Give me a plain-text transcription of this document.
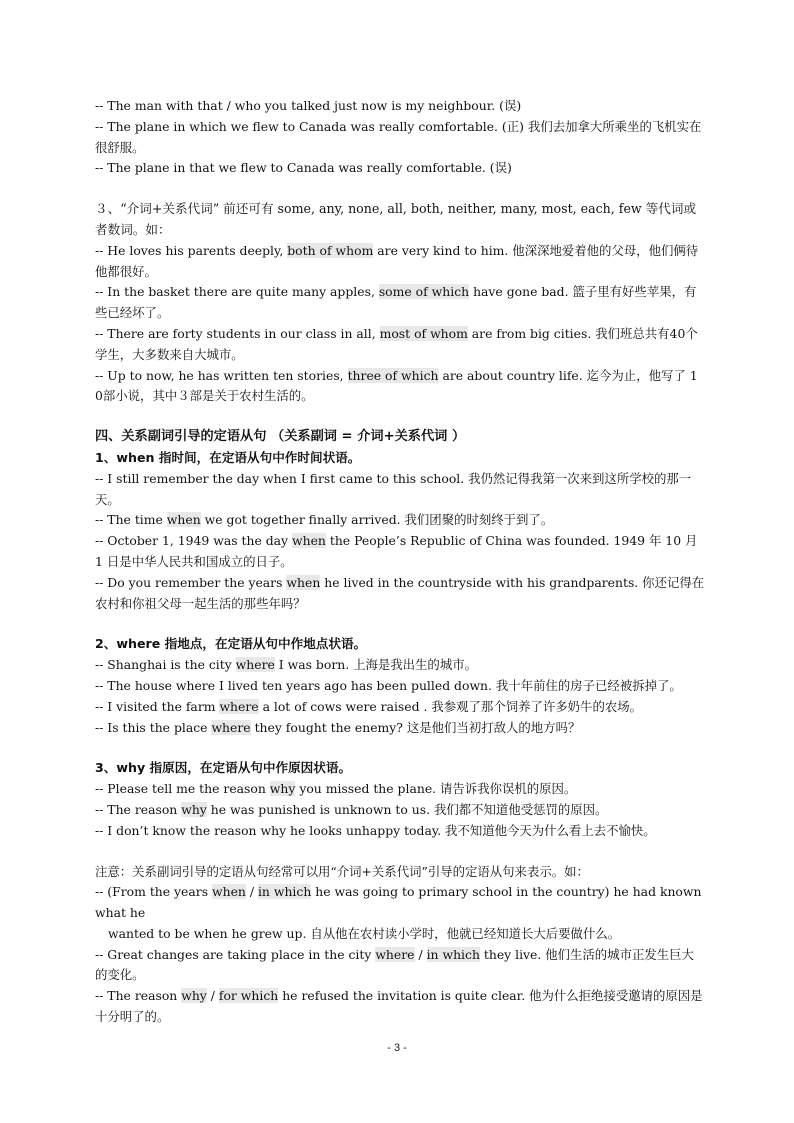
-- The man with that / who you talked just now is my neighbour. (误)

-- The plane in which we flew to Canada was really comfortable. (正) 我们去加拿大所乘坐的飞机实在很舒服。

-- The plane in that we flew to Canada was really comfortable. (误)

３、“介词+关系代词” 前还可有 some, any, none, all, both, neither, many, most, each, few 等代词或者数词。如：

-- He loves his parents deeply, both of whom are very kind to him. 他深深地爱着他的父母，他们俩待他都很好。

-- In the basket there are quite many apples, some of which have gone bad. 篮子里有好些苹果，有些已经坏了。

-- There are forty students in our class in all, most of whom are from big cities. 我们班总共有40个学生，大多数来自大城市。

-- Up to now, he has written ten stories, three of which are about country life. 迄今为止，他写了 10部小说，其中３部是关于农村生活的。

四、关系副词引导的定语从句 （关系副词 = 介词+关系代词 ）

1、when 指时间，在定语从句中作时间状语。

-- I still remember the day when I first came to this school. 我仍然记得我第一次来到这所学校的那一天。

-- The time when we got together finally arrived. 我们团聚的时刻终于到了。

-- October 1, 1949 was the day when the People’s Republic of China was founded. 1949 年 10 月 1 日是中华人民共和国成立的日子。

-- Do you remember the years when he lived in the countryside with his grandparents. 你还记得在农村和你祖父母一起生活的那些年吗？

2、where 指地点，在定语从句中作地点状语。

-- Shanghai is the city where I was born. 上海是我出生的城市。

-- The house where I lived ten years ago has been pulled down. 我十年前住的房子已经被拆掉了。

-- I visited the farm where a lot of cows were raised . 我参观了那个饲养了许多奶牛的农场。

-- Is this the place where they fought the enemy? 这是他们当初打敌人的地方吗？

3、why 指原因，在定语从句中作原因状语。

-- Please tell me the reason why you missed the plane. 请告诉我你误机的原因。

-- The reason why he was punished is unknown to us. 我们都不知道他受惩罚的原因。

-- I don’t know the reason why he looks unhappy today. 我不知道他今天为什么看上去不愉快。

注意：关系副词引导的定语从句经常可以用“介词+关系代词”引导的定语从句来表示。如：

-- (From the years when / in which he was going to primary school in the country) he had known what he

wanted to be when he grew up. 自从他在农村读小学时，他就已经知道长大后要做什么。

-- Great changes are taking place in the city where / in which they live. 他们生活的城市正发生巨大的变化。

-- The reason why / for which he refused the invitation is quite clear. 他为什么拒绝接受邀请的原因是十分明了的。

- 3 -
